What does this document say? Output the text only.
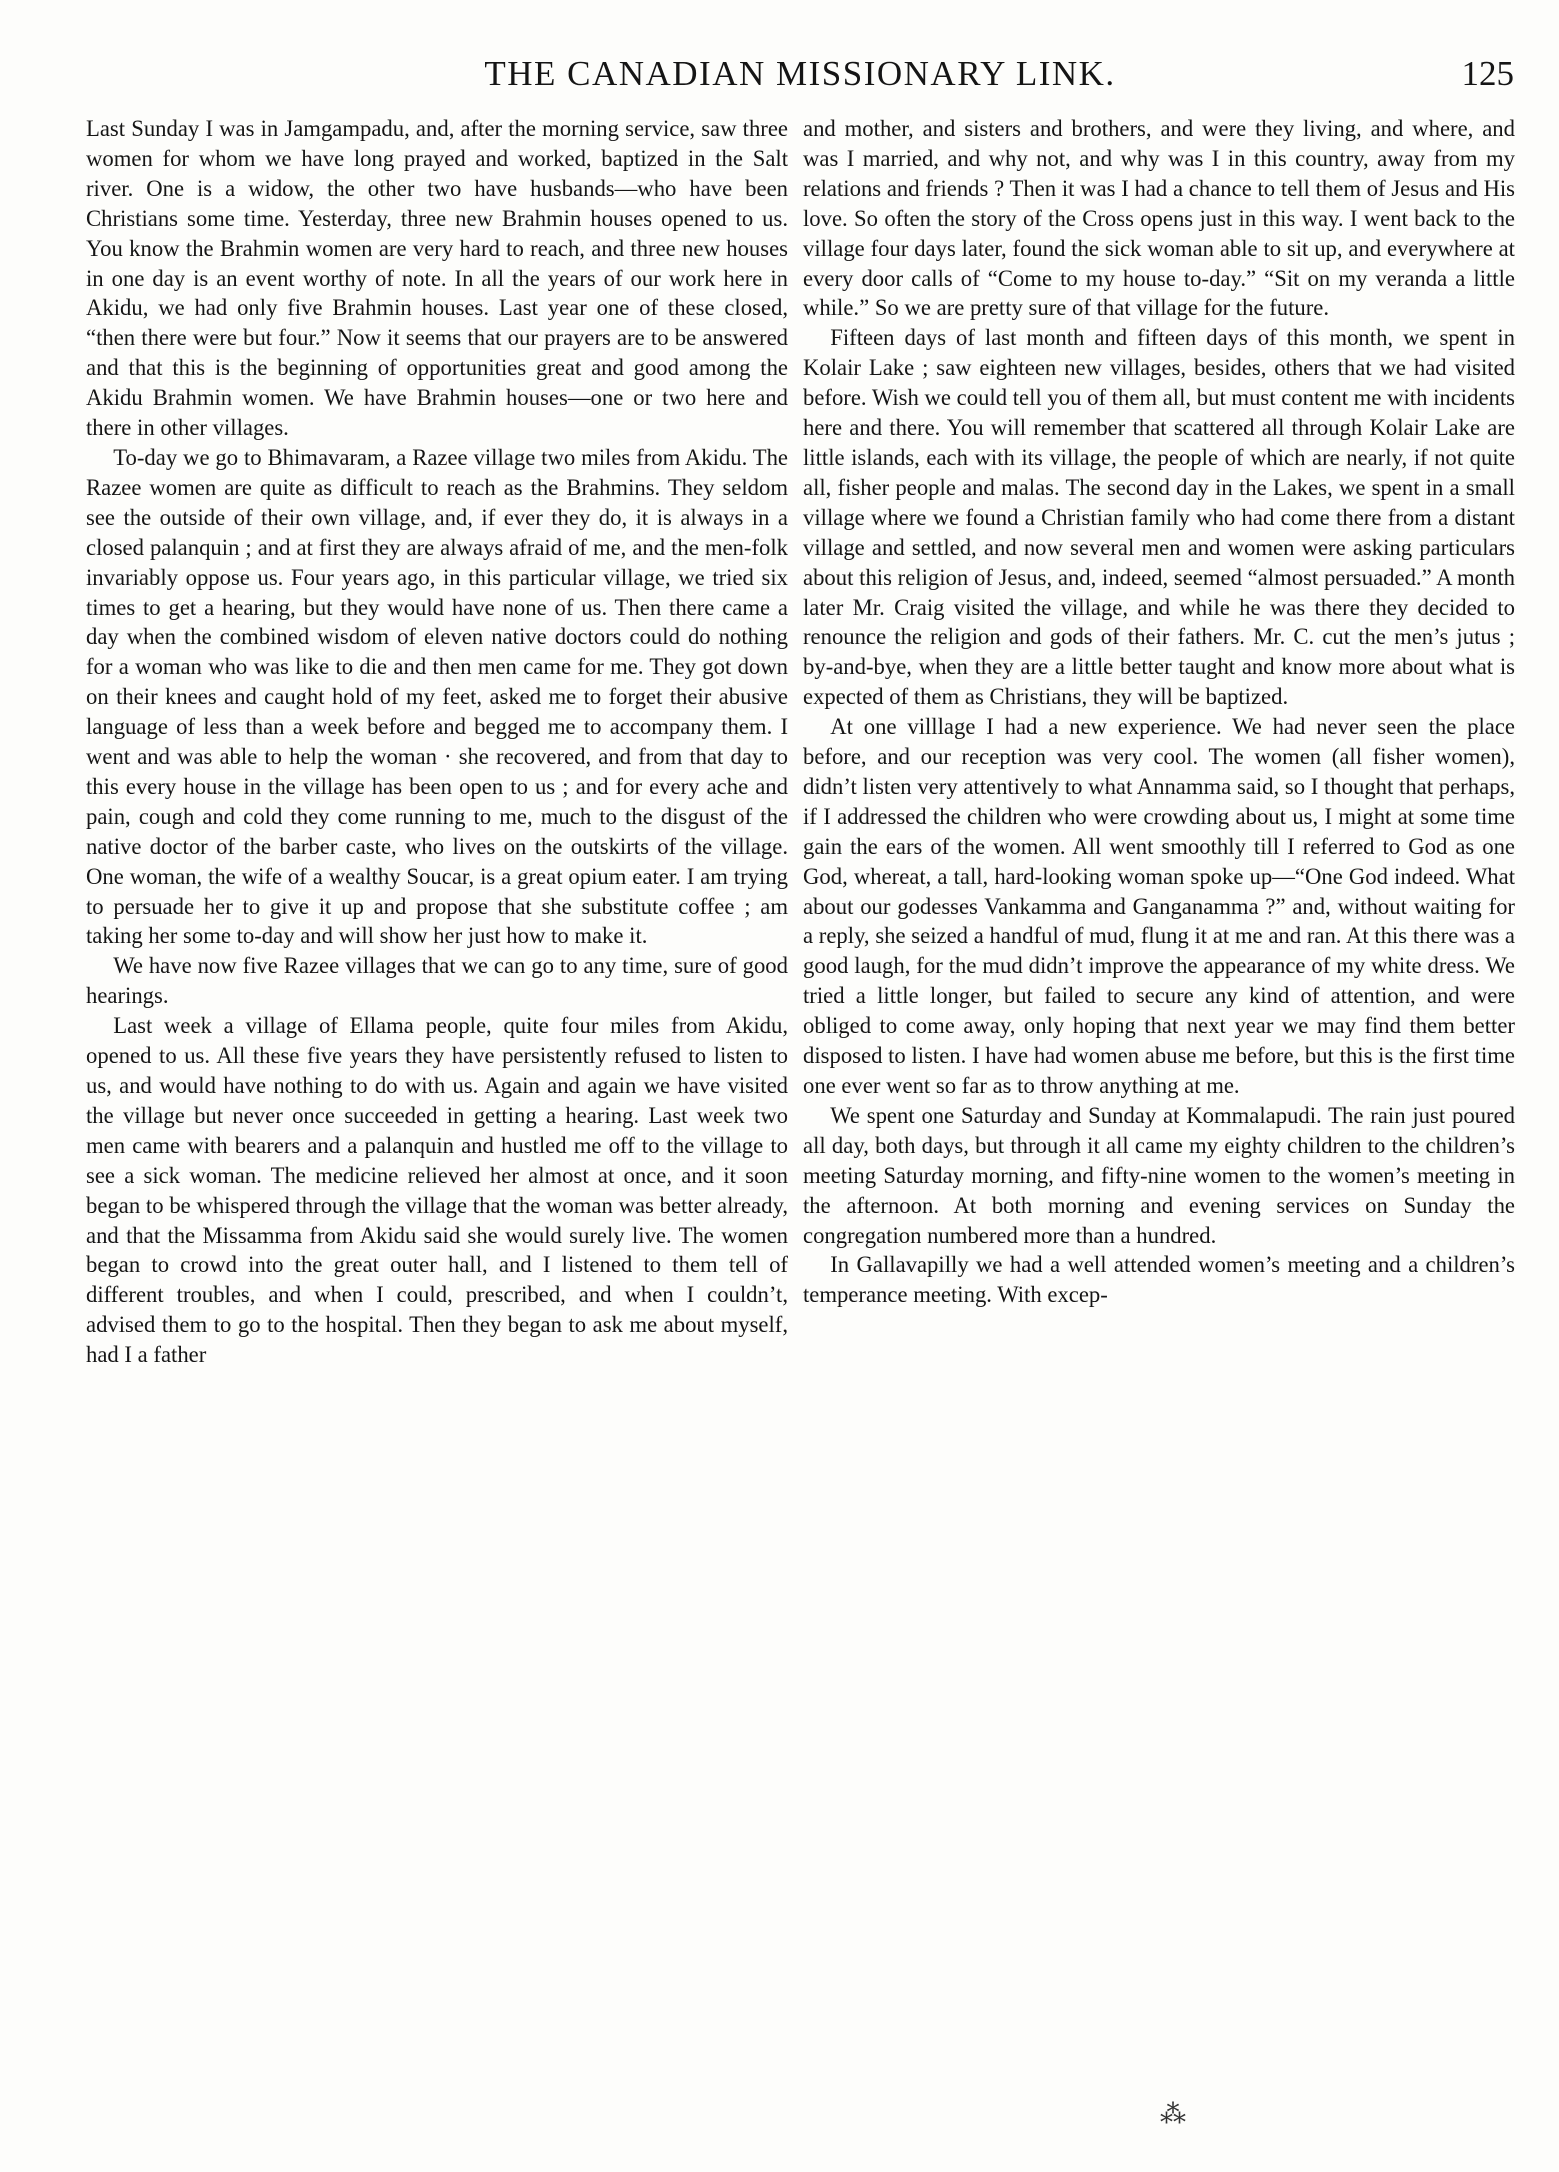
THE CANADIAN MISSIONARY LINK.	125

Last Sunday I was in Jamgampadu, and, after the morning service, saw three women for whom we have long prayed and worked, baptized in the Salt river. One is a widow, the other two have husbands—who have been Christians some time. Yesterday, three new Brahmin houses opened to us. You know the Brahmin women are very hard to reach, and three new houses in one day is an event worthy of note. In all the years of our work here in Akidu, we had only five Brahmin houses. Last year one of these closed, “then there were but four.” Now it seems that our prayers are to be answered and that this is the beginning of opportunities great and good among the Akidu Brahmin women. We have Brahmin houses—one or two here and there in other villages.

To-day we go to Bhimavaram, a Razee village two miles from Akidu. The Razee women are quite as difficult to reach as the Brahmins. They seldom see the outside of their own village, and, if ever they do, it is always in a closed palanquin ; and at first they are always afraid of me, and the men-folk invariably oppose us. Four years ago, in this particular village, we tried six times to get a hearing, but they would have none of us. Then there came a day when the combined wisdom of eleven native doctors could do nothing for a woman who was like to die and then men came for me. They got down on their knees and caught hold of my feet, asked me to forget their abusive language of less than a week before and begged me to accompany them. I went and was able to help the woman · she recovered, and from that day to this every house in the village has been open to us ; and for every ache and pain, cough and cold they come running to me, much to the disgust of the native doctor of the barber caste, who lives on the outskirts of the village. One woman, the wife of a wealthy Soucar, is a great opium eater. I am trying to persuade her to give it up and propose that she substitute coffee ; am taking her some to-day and will show her just how to make it.

We have now five Razee villages that we can go to any time, sure of good hearings.

Last week a village of Ellama people, quite four miles from Akidu, opened to us. All these five years they have persistently refused to listen to us, and would have nothing to do with us. Again and again we have visited the village but never once succeeded in getting a hearing. Last week two men came with bearers and a palanquin and hustled me off to the village to see a sick woman. The medicine relieved her almost at once, and it soon began to be whispered through the village that the woman was better already, and that the Missamma from Akidu said she would surely live. The women began to crowd into the great outer hall, and I listened to them tell of different troubles, and when I could, prescribed, and when I couldn’t, advised them to go to the hospital. Then they began to ask me about myself, had I a father

and mother, and sisters and brothers, and were they living, and where, and was I married, and why not, and why was I in this country, away from my relations and friends ? Then it was I had a chance to tell them of Jesus and His love. So often the story of the Cross opens just in this way. I went back to the village four days later, found the sick woman able to sit up, and everywhere at every door calls of “Come to my house to-day.” “Sit on my veranda a little while.” So we are pretty sure of that village for the future.

Fifteen days of last month and fifteen days of this month, we spent in Kolair Lake ; saw eighteen new villages, besides, others that we had visited before. Wish we could tell you of them all, but must content me with incidents here and there. You will remember that scattered all through Kolair Lake are little islands, each with its village, the people of which are nearly, if not quite all, fisher people and malas. The second day in the Lakes, we spent in a small village where we found a Christian family who had come there from a distant village and settled, and now several men and women were asking particulars about this religion of Jesus, and, indeed, seemed “almost persuaded.” A month later Mr. Craig visited the village, and while he was there they decided to renounce the religion and gods of their fathers. Mr. C. cut the men’s jutus ; by-and-bye, when they are a little better taught and know more about what is expected of them as Christians, they will be baptized.

At one villlage I had a new experience. We had never seen the place before, and our reception was very cool. The women (all fisher women), didn’t listen very attentively to what Annamma said, so I thought that perhaps, if I addressed the children who were crowding about us, I might at some time gain the ears of the women. All went smoothly till I referred to God as one God, whereat, a tall, hard-looking woman spoke up—“One God indeed. What about our godesses Vankamma and Ganganamma ?” and, without waiting for a reply, she seized a handful of mud, flung it at me and ran. At this there was a good laugh, for the mud didn’t improve the appearance of my white dress. We tried a little longer, but failed to secure any kind of attention, and were obliged to come away, only hoping that next year we may find them better disposed to listen. I have had women abuse me before, but this is the first time one ever went so far as to throw anything at me.

We spent one Saturday and Sunday at Kommalapudi. The rain just poured all day, both days, but through it all came my eighty children to the children’s meeting Saturday morning, and fifty-nine women to the women’s meeting in the afternoon. At both morning and evening services on Sunday the congregation numbered more than a hundred.

In Gallavapilly we had a well attended women’s meeting and a children’s temperance meeting. With excep-

⁂
